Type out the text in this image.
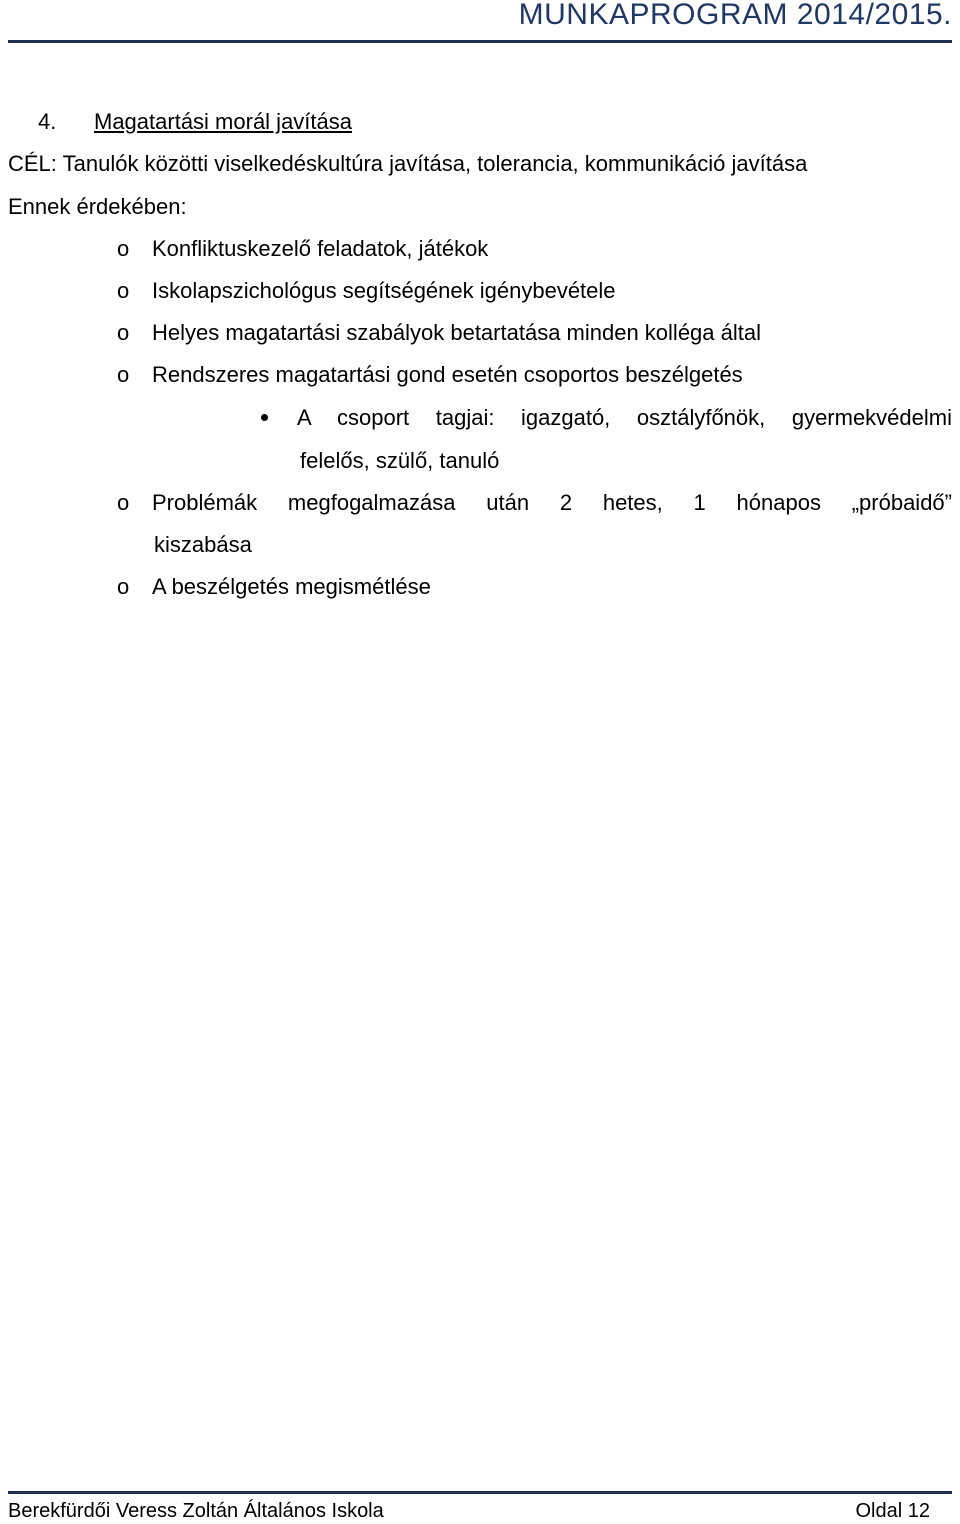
MUNKAPROGRAM 2014/2015.
4. Magatartási morál javítása
CÉL: Tanulók közötti viselkedéskultúra javítása, tolerancia, kommunikáció javítása
Ennek érdekében:
o Konfliktuskezelő feladatok, játékok
o Iskolapszichológus segítségének igénybevétele
o Helyes magatartási szabályok betartatása minden kolléga által
o Rendszeres magatartási gond esetén csoportos beszélgetés
o Problémák megfogalmazása után 2 hetes, 1 hónapos „próbaidő”
o A beszélgetés megismétlése
kiszabása
A csoport tagjai: igazgató, osztályfőnök, gyermekvédelmi
felelős, szülő, tanuló
Berekfürdői Veress Zoltán Általános Iskola	Oldal 12
